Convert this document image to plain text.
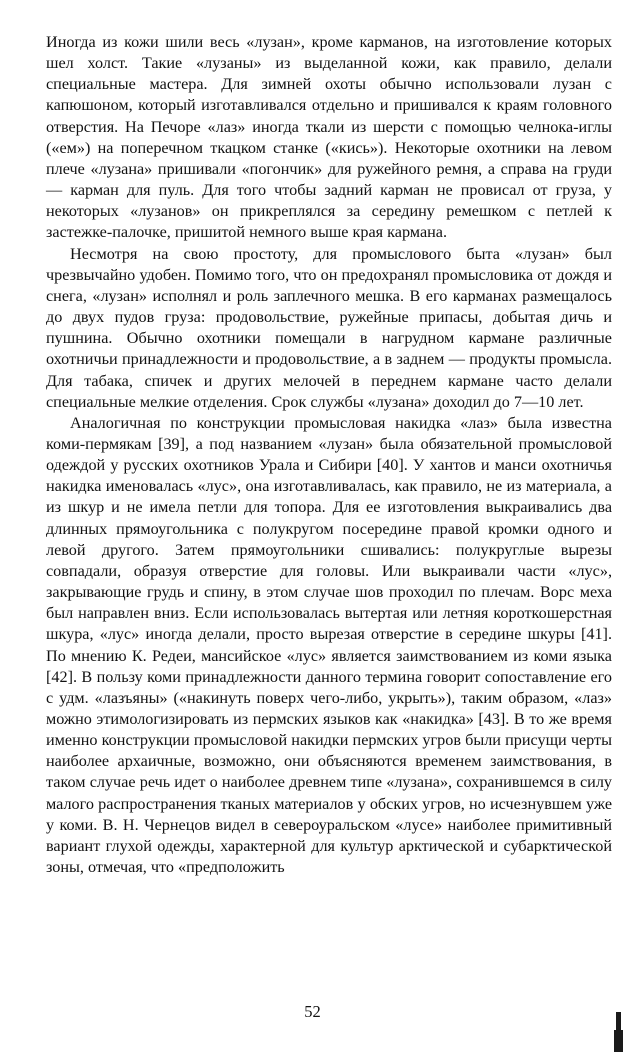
Иногда из кожи шили весь «лузан», кроме карманов, на изготовление которых шел холст. Такие «лузаны» из выделанной кожи, как правило, делали специальные мастера. Для зимней охоты обычно использовали лузан с капюшоном, который изготавливался отдельно и пришивался к краям головного отверстия. На Печоре «лаз» иногда ткали из шерсти с помощью челнока-иглы («ем») на поперечном ткацком станке («кись»). Некоторые охотники на левом плече «лузана» пришивали «погончик» для ружейного ремня, а справа на груди — карман для пуль. Для того чтобы задний карман не провисал от груза, у некоторых «лузанов» он прикреплялся за середину ремешком с петлей к застежке-палочке, пришитой немного выше края кармана.

Несмотря на свою простоту, для промыслового быта «лузан» был чрезвычайно удобен. Помимо того, что он предохранял промысловика от дождя и снега, «лузан» исполнял и роль заплечного мешка. В его карманах размещалось до двух пудов груза: продовольствие, ружейные припасы, добытая дичь и пушнина. Обычно охотники помещали в нагрудном кармане различные охотничьи принадлежности и продовольствие, а в заднем — продукты промысла. Для табака, спичек и других мелочей в переднем кармане часто делали специальные мелкие отделения. Срок службы «лузана» доходил до 7—10 лет.

Аналогичная по конструкции промысловая накидка «лаз» была известна коми-пермякам [39], а под названием «лузан» была обязательной промысловой одеждой у русских охотников Урала и Сибири [40]. У хантов и манси охотничья накидка именовалась «лус», она изготавливалась, как правило, не из материала, а из шкур и не имела петли для топора. Для ее изготовления выкраивались два длинных прямоугольника с полукругом посередине правой кромки одного и левой другого. Затем прямоугольники сшивались: полукруглые вырезы совпадали, образуя отверстие для головы. Или выкраивали части «лус», закрывающие грудь и спину, в этом случае шов проходил по плечам. Ворс меха был направлен вниз. Если использовалась вытертая или летняя короткошерстная шкура, «лус» иногда делали, просто вырезая отверстие в середине шкуры [41]. По мнению К. Редеи, мансийское «лус» является заимствованием из коми языка [42]. В пользу коми принадлежности данного термина говорит сопоставление его с удм. «лазъяны» («накинуть поверх чего-либо, укрыть»), таким образом, «лаз» можно этимологизировать из пермских языков как «накидка» [43]. В то же время именно конструкции промысловой накидки пермских угров были присущи черты наиболее архаичные, возможно, они объясняются временем заимствования, в таком случае речь идет о наиболее древнем типе «лузана», сохранившемся в силу малого распространения тканых материалов у обских угров, но исчезнувшем уже у коми. В. Н. Чернецов видел в североуральском «лусе» наиболее примитивный вариант глухой одежды, характерной для культур арктической и субарктической зоны, отмечая, что «предположить

52
